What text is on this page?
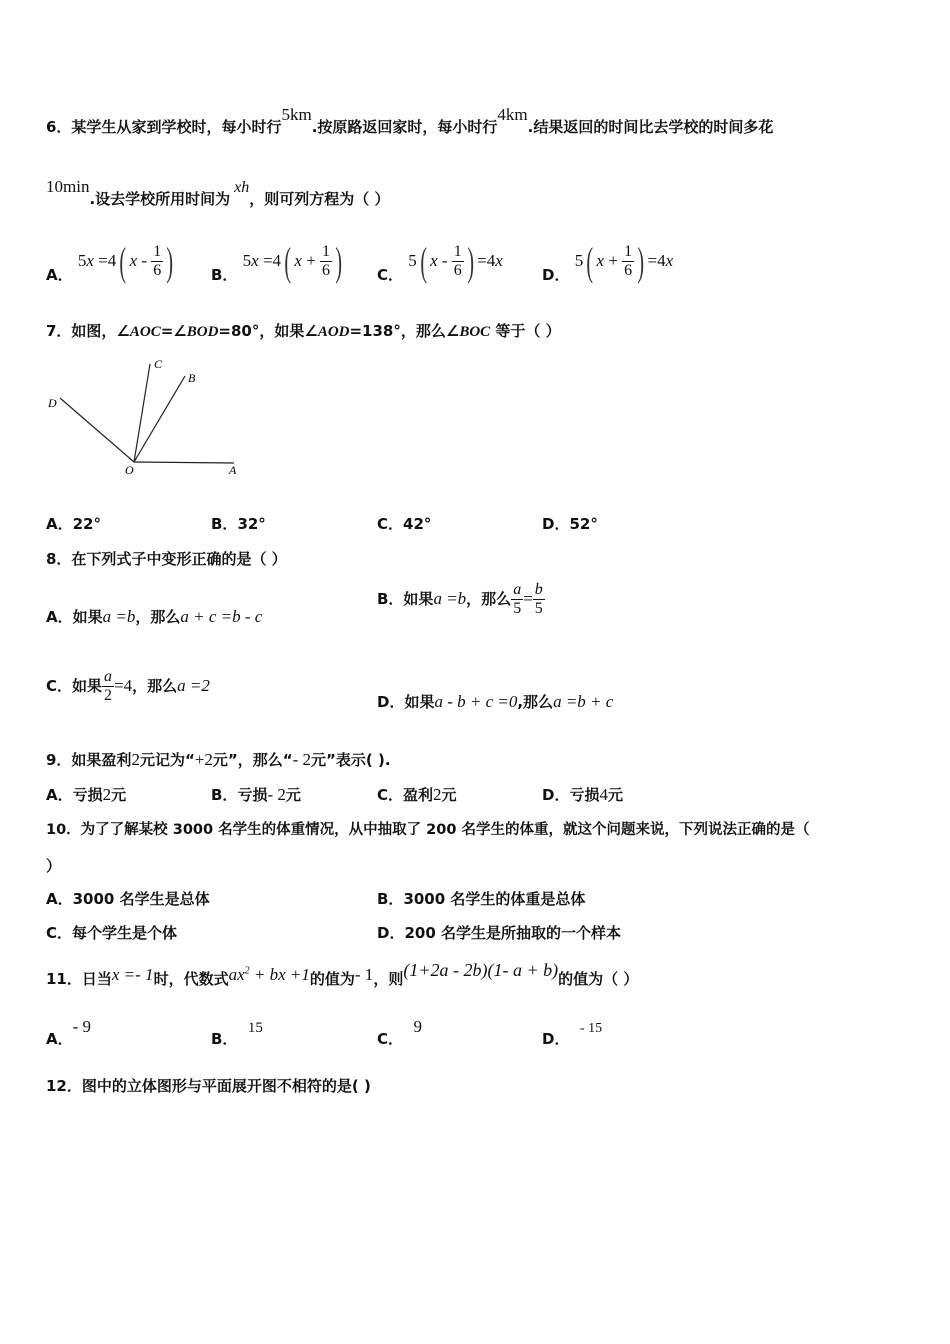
6．某学生从家到学校时，每小时行5km.按原路返回家时，每小时行4km.结果返回的时间比去学校的时间多花
10min.设去学校所用时间为 xh，则可列方程为（ ）
A． 5x =4( x - $\frac{1}{6}$ )	B． 5x =4( $x + \frac{1}{6}$ ) C． 5( x - $\frac{1}{6}$ ) =4x
D． 5( $x + \frac{1}{6}$ ) =4x
7．如图，∠AOC=∠BOD=80°，如果∠AOD=138°，那么∠BOC 等于（ ）
C
B
D
O	A
A．22°	B．32°	C．42°	D．52°
8．在下列式子中变形正确的是（ ）
A．如果a =b，那么a + c =b - c
B．如果a =b，那么 $\frac{a}{5} = \frac{b}{5}$
C．如果 $\frac{a}{2} =4$，那么a =2
D．如果a - b + c =0,那么a =b + c
9．如果盈利2元记为“+2元”，那么“- 2元”表示( ).
A．亏损2元	B．亏损- 2元	C．盈利2元	D．亏损4元
10．为了了解某校 3000 名学生的体重情况，从中抽取了 200 名学生的体重，就这个问题来说，下列说法正确的是（
）
A．3000 名学生是总体	B．3000 名学生的体重是总体
C．每个学生是个体	D．200 名学生是所抽取的一个样本
11．日当x =- 1时，代数式$ax^2$ + bx +1的值为- 1，则(1+2a - 2b)(1- a + b)的值为（ ）
A．- 9
B．  15
C．  9
D．  - 15
12．图中的立体图形与平面展开图不相符的是( )
